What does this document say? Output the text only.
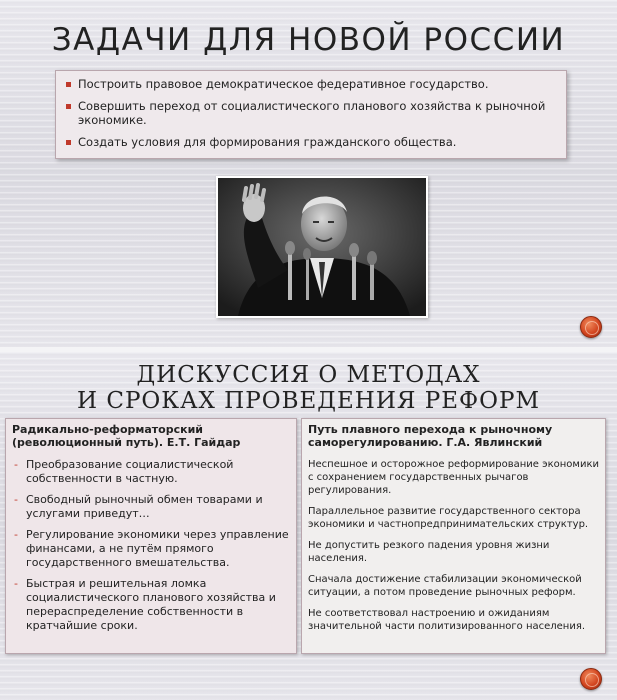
ЗАДАЧИ ДЛЯ НОВОЙ РОССИИ
Построить правовое демократическое федеративное государство.
Совершить переход от социалистического планового хозяйства к рыночной экономике.
Создать условия для формирования гражданского общества.
ДИСКУССИЯ О МЕТОДАХ
И СРОКАХ ПРОВЕДЕНИЯ РЕФОРМ
Радикально-реформаторский (революционный путь). Е.Т. Гайдар
- Преобразование социалистической собственности в частную.
- Свободный рыночный обмен товарами и услугами приведут…
- Регулирование экономики через управление финансами, а не путём прямого государственного вмешательства.
- Быстрая и решительная ломка социалистического планового хозяйства и перераспределение собственности в кратчайшие сроки.
Путь плавного перехода к рыночному саморегулированию. Г.А. Явлинский

Неспешное и осторожное реформирование экономики с сохранением государственных рычагов регулирования.

Параллельное развитие государственного сектора экономики и частнопредпринимательских структур.

Не допустить резкого падения уровня жизни населения.

Сначала достижение стабилизации экономической ситуации, а потом проведение рыночных реформ.

Не соответствовал настроению и ожиданиям значительной части политизированного населения.
